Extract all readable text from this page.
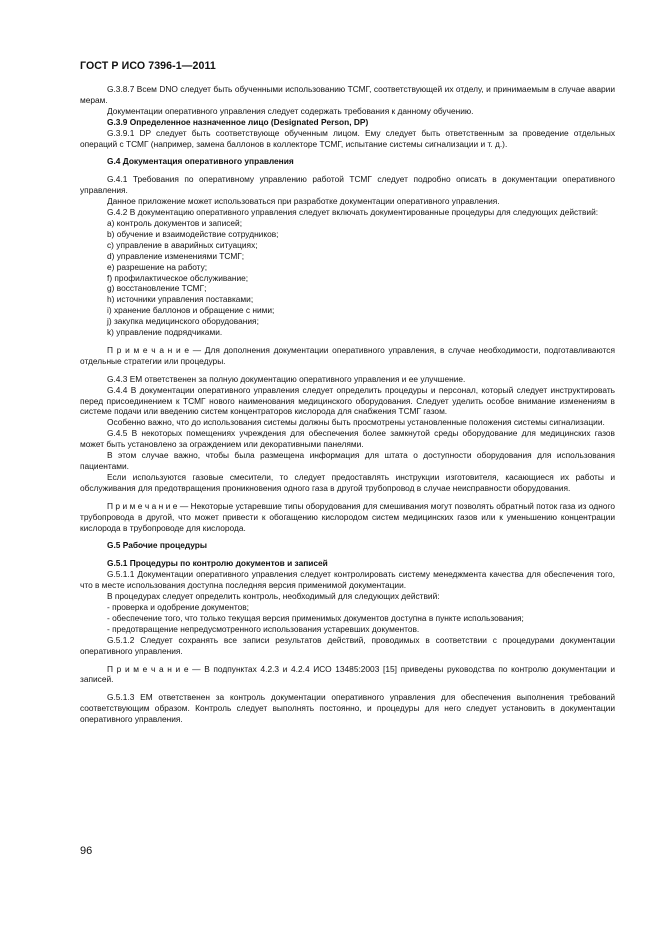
ГОСТ Р ИСО 7396-1—2011

G.3.8.7 Всем DNO следует быть обученными использованию ТСМГ, соответствующей их отделу, и принимаемым в случае аварии мерам.

Документации оперативного управления следует содержать требования к данному обучению.

G.3.9 Определенное назначенное лицо (Designated Person, DP)

G.3.9.1 DP следует быть соответствующе обученным лицом. Ему следует быть ответственным за проведение отдельных операций с ТСМГ (например, замена баллонов в коллекторе ТСМГ, испытание системы сигнализации и т. д.).

G.4 Документация оперативного управления

G.4.1 Требования по оперативному управлению работой ТСМГ следует подробно описать в документации оперативного управления.

Данное приложение может использоваться при разработке документации оперативного управления.

G.4.2 В документацию оперативного управления следует включать документированные процедуры для следующих действий:

a) контроль документов и записей;

b) обучение и взаимодействие сотрудников;

c) управление в аварийных ситуациях;

d) управление изменениями ТСМГ;

e) разрешение на работу;

f) профилактическое обслуживание;

g) восстановление ТСМГ;

h) источники управления поставками;

i) хранение баллонов и обращение с ними;

j) закупка медицинского оборудования;

k) управление подрядчиками.

П р и м е ч а н и е — Для дополнения документации оперативного управления, в случае необходимости, подготавливаются отдельные стратегии или процедуры.

G.4.3 ЕМ ответственен за полную документацию оперативного управления и ее улучшение.

G.4.4 В документации оперативного управления следует определить процедуры и персонал, который следует инструктировать перед присоединением к ТСМГ нового наименования медицинского оборудования. Следует уделить особое внимание изменениям в системе подачи или введению систем концентраторов кислорода для снабжения ТСМГ газом.

Особенно важно, что до использования системы должны быть просмотрены установленные положения системы сигнализации.

G.4.5 В некоторых помещениях учреждения для обеспечения более замкнутой среды оборудование для медицинских газов может быть установлено за ограждением или декоративными панелями.

В этом случае важно, чтобы была размещена информация для штата о доступности оборудования для использования пациентами.

Если используются газовые смесители, то следует предоставлять инструкции изготовителя, касающиеся их работы и обслуживания для предотвращения проникновения одного газа в другой трубопровод в случае неисправности оборудования.

П р и м е ч а н и е — Некоторые устаревшие типы оборудования для смешивания могут позволять обратный поток газа из одного трубопровода в другой, что может привести к обогащению кислородом систем медицинских газов или к уменьшению концентрации кислорода в трубопроводе для кислорода.

G.5 Рабочие процедуры

G.5.1 Процедуры по контролю документов и записей

G.5.1.1 Документации оперативного управления следует контролировать систему менеджмента качества для обеспечения того, что в месте использования доступна последняя версия применимой документации.

В процедурах следует определить контроль, необходимый для следующих действий:

- проверка и одобрение документов;

- обеспечение того, что только текущая версия применимых документов доступна в пункте использования;

- предотвращение непредусмотренного использования устаревших документов.

G.5.1.2 Следует сохранять все записи результатов действий, проводимых в соответствии с процедурами документации оперативного управления.

П р и м е ч а н и е — В подпунктах 4.2.3 и 4.2.4 ИСО 13485:2003 [15] приведены руководства по контролю документации и записей.

G.5.1.3 ЕМ ответственен за контроль документации оперативного управления для обеспечения выполнения требований соответствующим образом. Контроль следует выполнять постоянно, и процедуры для него следует установить в документации оперативного управления.

96
